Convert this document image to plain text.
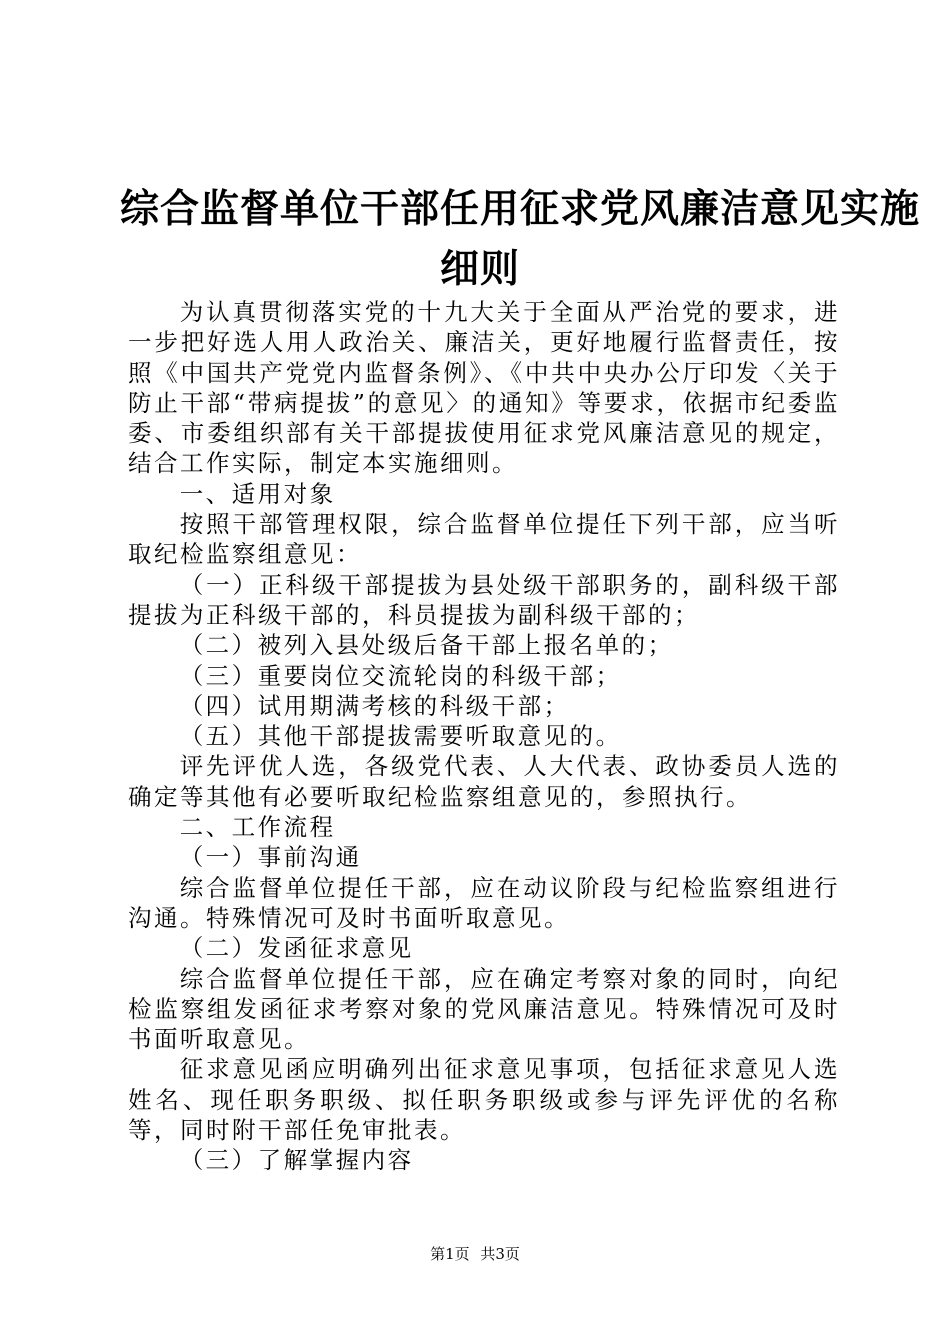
综合监督单位干部任用征求党风廉洁意见实施
细则

为认真贯彻落实党的十九大关于全面从严治党的要求，进一步把好选人用人政治关、廉洁关，更好地履行监督责任，按照《中国共产党党内监督条例》、《中共中央办公厅印发〈关于防止干部“带病提拔”的意见〉的通知》等要求，依据市纪委监委、市委组织部有关干部提拔使用征求党风廉洁意见的规定，结合工作实际，制定本实施细则。

一、适用对象

按照干部管理权限，综合监督单位提任下列干部，应当听取纪检监察组意见：

（一）正科级干部提拔为县处级干部职务的，副科级干部提拔为正科级干部的，科员提拔为副科级干部的；

（二）被列入县处级后备干部上报名单的；

（三）重要岗位交流轮岗的科级干部；

（四）试用期满考核的科级干部；

（五）其他干部提拔需要听取意见的。

评先评优人选，各级党代表、人大代表、政协委员人选的确定等其他有必要听取纪检监察组意见的，参照执行。

二、工作流程

（一）事前沟通

综合监督单位提任干部，应在动议阶段与纪检监察组进行沟通。特殊情况可及时书面听取意见。

（二）发函征求意见

综合监督单位提任干部，应在确定考察对象的同时，向纪检监察组发函征求考察对象的党风廉洁意见。特殊情况可及时书面听取意见。

征求意见函应明确列出征求意见事项，包括征求意见人选姓名、现任职务职级、拟任职务职级或参与评先评优的名称等，同时附干部任免审批表。

（三）了解掌握内容

第1页 共3页
